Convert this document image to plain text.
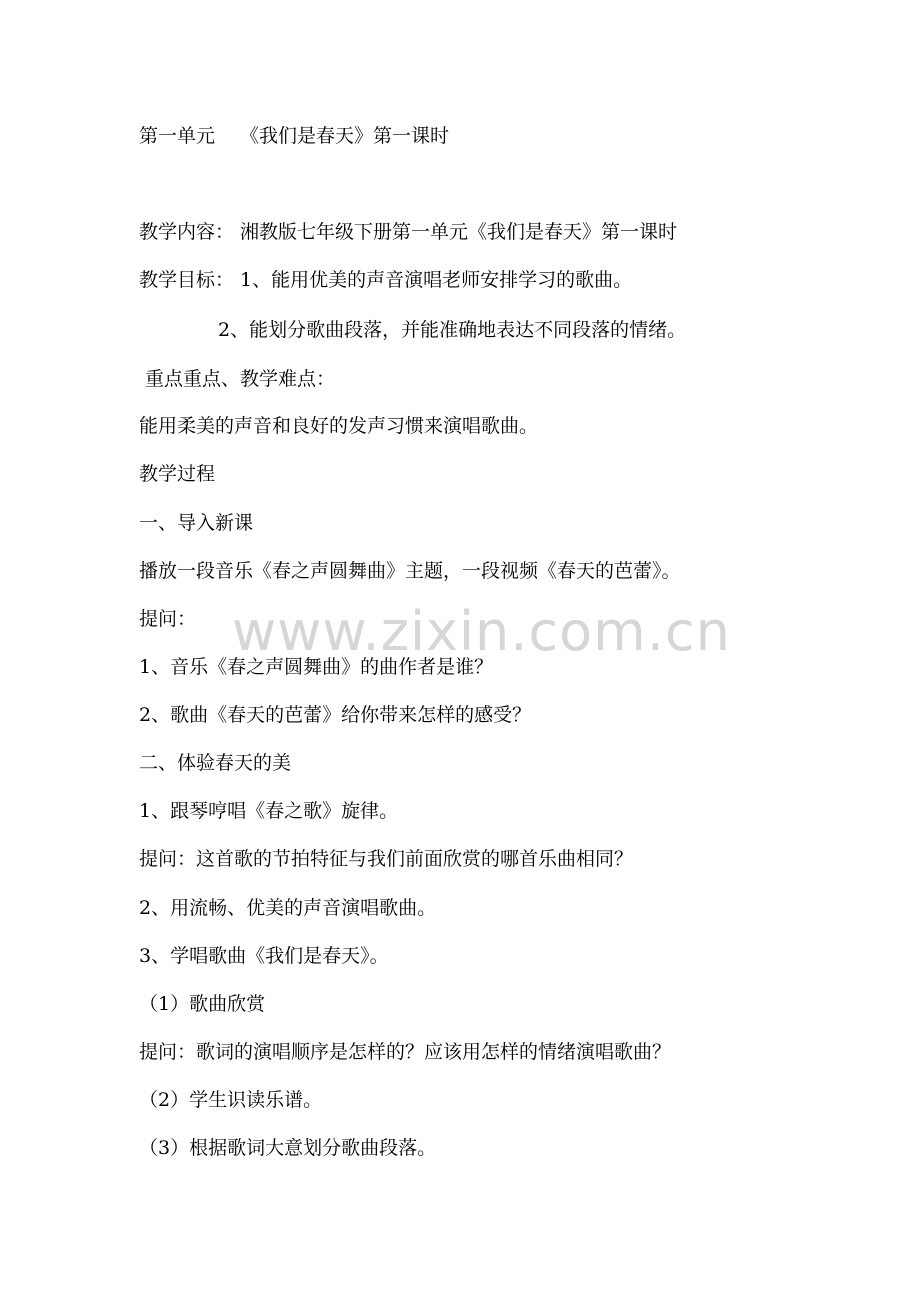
第一单元　 《我们是春天》第一课时
教学内容： 湘教版七年级下册第一单元《我们是春天》第一课时
教学目标： 1、能用优美的声音演唱老师安排学习的歌曲。
2、能划分歌曲段落，并能准确地表达不同段落的情绪。
重点重点、教学难点：
能用柔美的声音和良好的发声习惯来演唱歌曲。
教学过程
一、导入新课
播放一段音乐《春之声圆舞曲》主题，一段视频《春天的芭蕾》。
提问：
1、音乐《春之声圆舞曲》的曲作者是谁？
2、歌曲《春天的芭蕾》给你带来怎样的感受？
二、体验春天的美
1、跟琴哼唱《春之歌》旋律。
提问：这首歌的节拍特征与我们前面欣赏的哪首乐曲相同？
2、用流畅、优美的声音演唱歌曲。
3、学唱歌曲《我们是春天》。
（1）歌曲欣赏
提问：歌词的演唱顺序是怎样的？应该用怎样的情绪演唱歌曲？
（2）学生识读乐谱。
（3）根据歌词大意划分歌曲段落。
www.zixin.com.cn
